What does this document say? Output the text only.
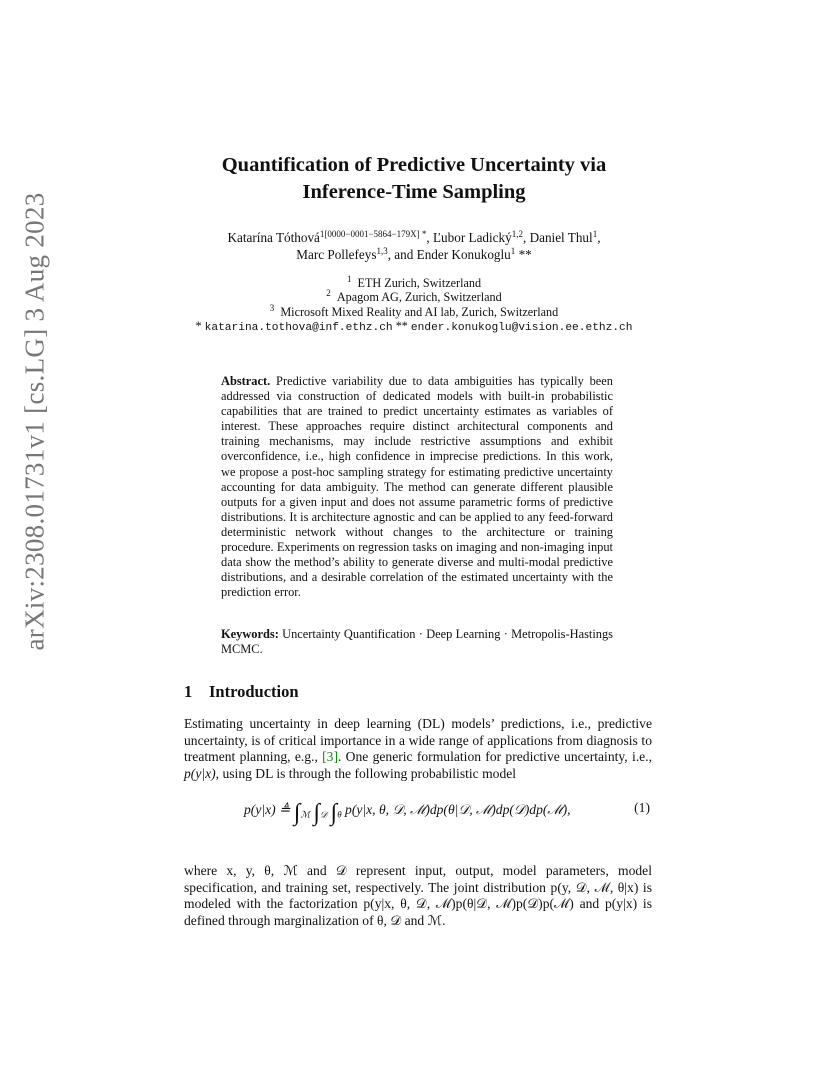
arXiv:2308.01731v1 [cs.LG] 3 Aug 2023
Quantification of Predictive Uncertainty via
Inference-Time Sampling
Katarína Tóthová$^{1[0000-0001-5864-179X] *}$, Ľubor Ladický$^{1,2}$, Daniel Thul$^1$,
Marc Pollefeys$^{1,3}$, and Ender Konukoglu$^1$ **
$^1$ ETH Zurich, Switzerland
$^2$ Apagom AG, Zurich, Switzerland
$^3$ Microsoft Mixed Reality and AI lab, Zurich, Switzerland
* katarina.tothova@inf.ethz.ch ** ender.konukoglu@vision.ee.ethz.ch
Abstract. Predictive variability due to data ambiguities has typically been addressed via construction of dedicated models with built-in probabilistic capabilities that are trained to predict uncertainty estimates as variables of interest. These approaches require distinct architectural components and training mechanisms, may include restrictive assumptions and exhibit overconfidence, i.e., high confidence in imprecise predictions. In this work, we propose a post-hoc sampling strategy for estimating predictive uncertainty accounting for data ambiguity. The method can generate different plausible outputs for a given input and does not assume parametric forms of predictive distributions. It is architecture agnostic and can be applied to any feed-forward deterministic network without changes to the architecture or training procedure. Experiments on regression tasks on imaging and non-imaging input data show the method’s ability to generate diverse and multi-modal predictive distributions, and a desirable correlation of the estimated uncertainty with the prediction error.
Keywords: Uncertainty Quantification · Deep Learning · Metropolis-Hastings MCMC.
1 Introduction
Estimating uncertainty in deep learning (DL) models’ predictions, i.e., predictive uncertainty, is of critical importance in a wide range of applications from diagnosis to treatment planning, e.g., [3]. One generic formulation for predictive uncertainty, i.e., p(y|x), using DL is through the following probabilistic model
p(y|x) ≜ $\int_ℳ$ $\int_𝒟$ $\int_\theta$ p(y|x, θ, 𝒟, ℳ)dp(θ|𝒟, ℳ)dp(𝒟)dp(ℳ),	(1)
where x, y, θ, ℳ and 𝒟 represent input, output, model parameters, model specification, and training set, respectively. The joint distribution p(y, 𝒟, ℳ, θ|x) is modeled with the factorization p(y|x, θ, 𝒟, ℳ)p(θ|𝒟, ℳ)p(𝒟)p(ℳ) and p(y|x) is defined through marginalization of θ, 𝒟 and ℳ.
